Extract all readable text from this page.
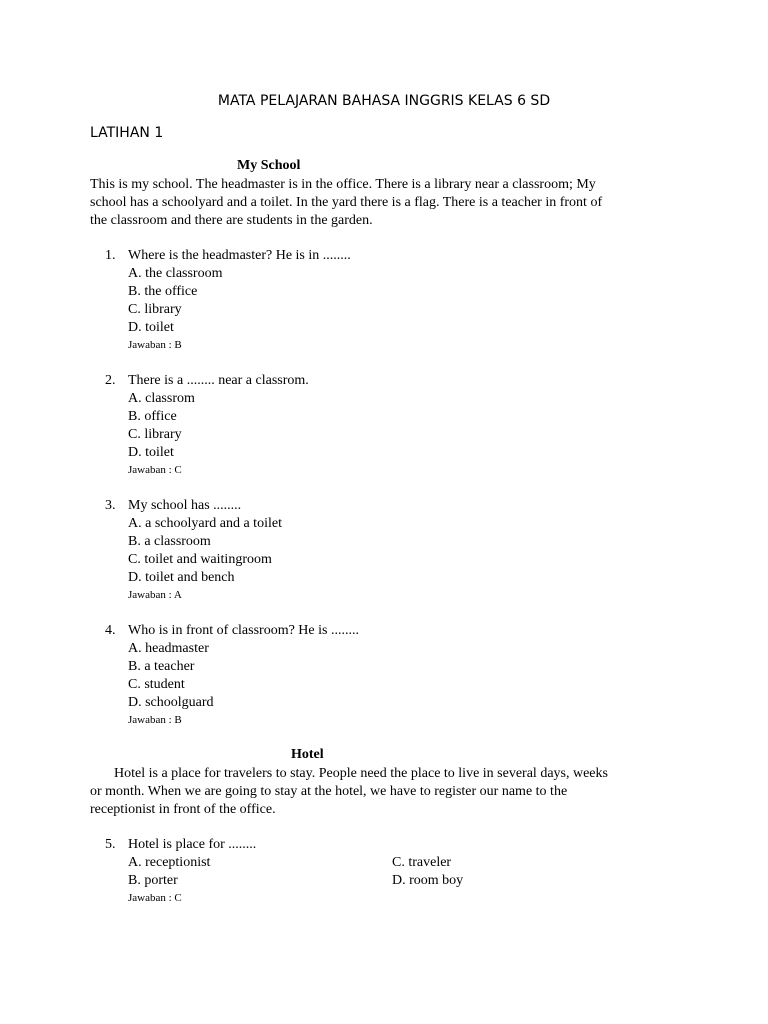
MATA PELAJARAN BAHASA INGGRIS KELAS 6 SD
LATIHAN 1
My School
This is my school. The headmaster is in the office. There is a library near a classroom; My
school has a schoolyard and a toilet. In the yard there is a flag. There is a teacher in front of
the classroom and there are students in the garden.
1. Where is the headmaster? He is in ........
A. the classroom
B. the office
C. library
D. toilet
Jawaban : B
2. There is a ........ near a classrom.
A. classrom
B. office
C. library
D. toilet
Jawaban : C
3. My school has ........
A. a schoolyard and a toilet
B. a classroom
C. toilet and waitingroom
D. toilet and bench
Jawaban : A
4. Who is in front of classroom? He is ........
A. headmaster
B. a teacher
C. student
D. schoolguard
Jawaban : B
Hotel
Hotel is a place for travelers to stay. People need the place to live in several days, weeks
or month. When we are going to stay at the hotel, we have to register our name to the
receptionist in front of the office.
5. Hotel is place for ........
A. receptionist	C. traveler
B. porter	D. room boy
Jawaban : C
